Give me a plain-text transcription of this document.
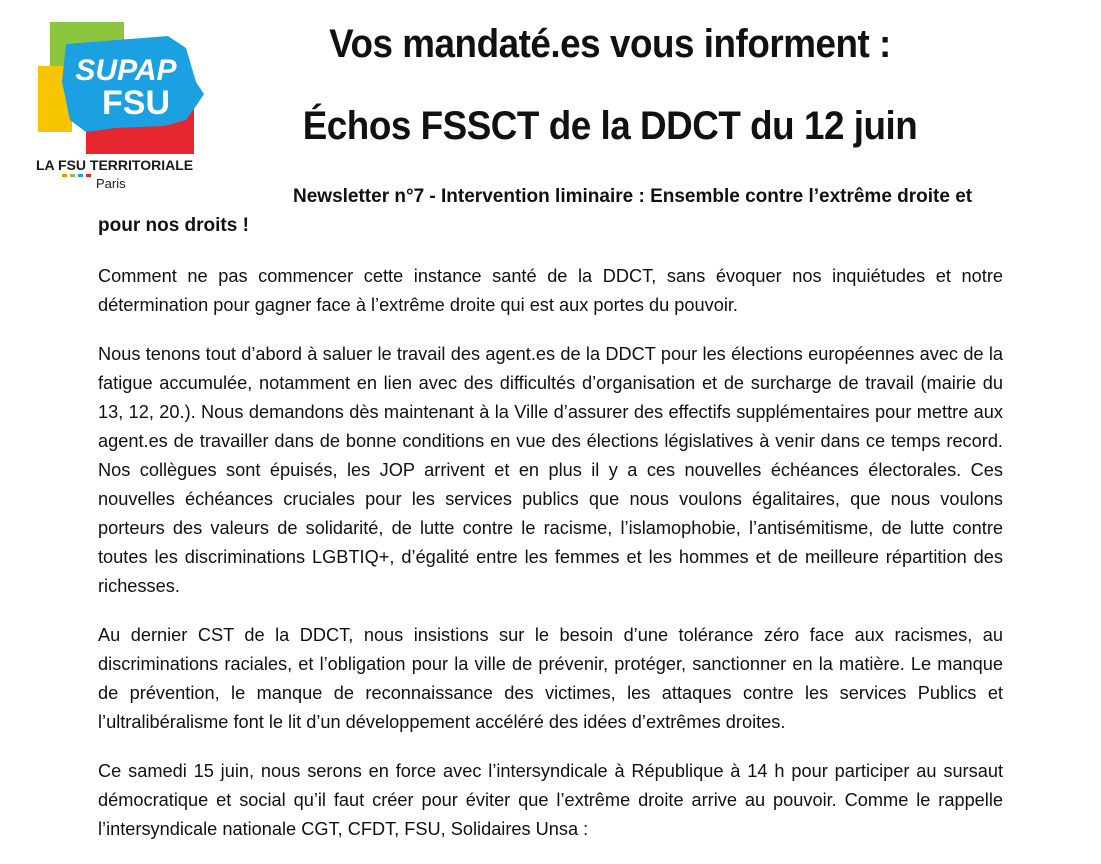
SUPAP
FSU
LA FSU TERRITORIALE
Paris
Vos mandaté.es vous informent :
Échos FSSCT de la DDCT du 12 juin
Newsletter n°7 - Intervention liminaire : Ensemble contre l’extrême droite et pour nos droits !

Comment ne pas commencer cette instance santé de la DDCT, sans évoquer nos inquiétudes et notre détermination pour gagner face à l’extrême droite qui est aux portes du pouvoir.

Nous tenons tout d’abord à saluer le travail des agent.es de la DDCT pour les élections européennes avec de la fatigue accumulée, notamment en lien avec des difficultés d’organisation et de surcharge de travail (mairie du 13, 12, 20.). Nous demandons dès maintenant à la Ville d’assurer des effectifs supplémentaires pour mettre aux agent.es de travailler dans de bonne conditions en vue des élections législatives à venir dans ce temps record. Nos collègues sont épuisés, les JOP arrivent et en plus il y a ces nouvelles échéances électorales. Ces nouvelles échéances cruciales pour les services publics que nous voulons égalitaires, que nous voulons porteurs des valeurs de solidarité, de lutte contre le racisme, l’islamophobie, l’antisémitisme, de lutte contre toutes les discriminations LGBTIQ+, d’égalité entre les femmes et les hommes et de meilleure répartition des richesses.

Au dernier CST de la DDCT, nous insistions sur le besoin d’une tolérance zéro face aux racismes, au discriminations raciales, et l’obligation pour la ville de prévenir, protéger, sanctionner en la matière. Le manque de prévention, le manque de reconnaissance des victimes, les attaques contre les services Publics et l’ultralibéralisme font le lit d’un développement accéléré des idées d’extrêmes droites.

Ce samedi 15 juin, nous serons en force avec l’intersyndicale à République à 14 h pour participer au sursaut démocratique et social qu’il faut créer pour éviter que l’extrême droite arrive au pouvoir. Comme le rappelle l’intersyndicale nationale CGT, CFDT, FSU, Solidaires Unsa :
